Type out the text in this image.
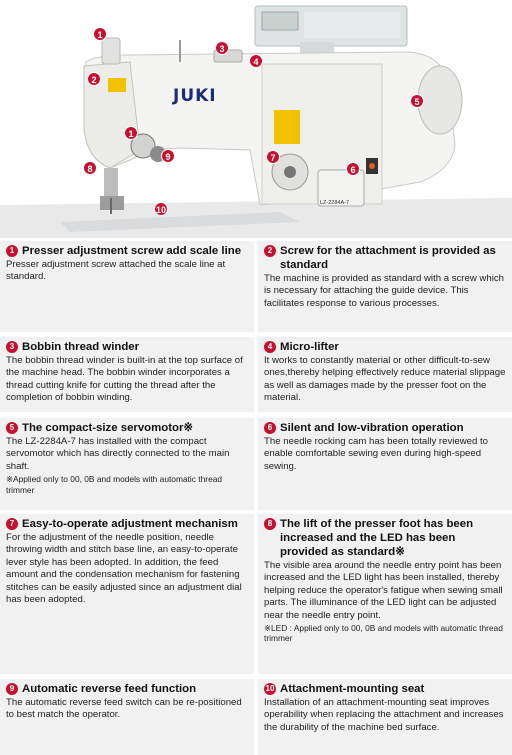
JUKI
LZ-2284A-7
1
2
3
4
5
1
7
6
8
9
10
1 Presser adjustment screw add scale line
Presser adjustment screw attached the scale line at standard.
2 Screw for the attachment is provided as standard
The machine is provided as standard with a screw which is necessary for attaching the guide device. This facilitates response to various processes.
3 Bobbin thread winder
The bobbin thread winder is built-in at the top surface of the machine head. The bobbin winder incorporates a thread cutting knife for cutting the thread after the completion of bobbin winding.
4 Micro-lifter
It works to constantly material or other difficult-to-sew ones,thereby helping effectively reduce material slippage as well as damages made by the presser foot on the material.
5 The compact-size servomotor※
The LZ-2284A-7 has installed with the compact servomotor which has directly connected to the main shaft.
※Applied only to 00, 0B and models with automatic thread trimmer
6 Silent and low-vibration operation
The needle rocking cam has been totally reviewed to enable comfortable sewing even during high-speed sewing.
7 Easy-to-operate adjustment mechanism
For the adjustment of the needle position, needle throwing width and stitch base line, an easy-to-operate lever style has been adopted. In addition, the feed amount and the condensation mechanism for fastening stitches can be easily adjusted since an adjustment dial has been adopted.
8 The lift of the presser foot has been increased and the LED has been provided as standard※
The visible area around the needle entry point has been increased and the LED light has been installed, thereby helping reduce the operator's fatigue when sewing small parts. The illuminance of the LED light can be adjusted near the needle entry point.
※LED : Applied only to 00, 0B and models with automatic thread trimmer
9 Automatic reverse feed function
The automatic reverse feed switch can be re-positioned to best match the operator.
10 Attachment-mounting seat
Installation of an attachment-mounting seat improves operability when replacing the attachment and increases the durability of the machine bed surface.
